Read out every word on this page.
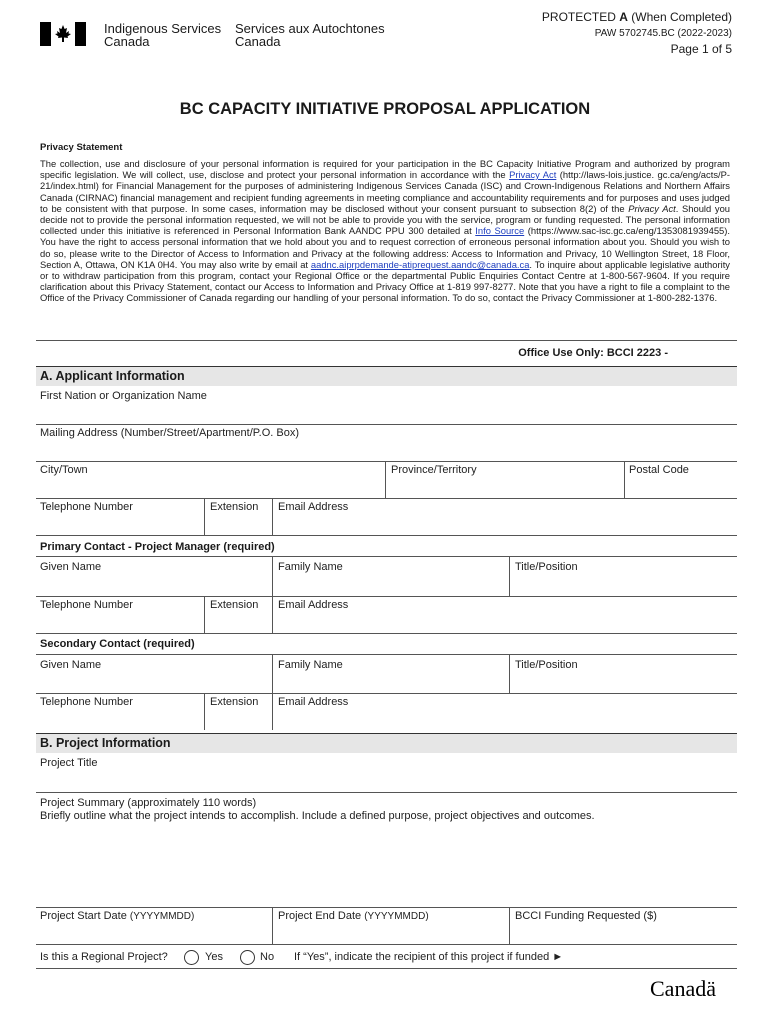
Indigenous Services
Canada
Services aux Autochtones
Canada
PROTECTED A (When Completed)
PAW 5702745.BC (2022-2023)
Page 1 of 5
BC CAPACITY INITIATIVE PROPOSAL APPLICATION
Privacy Statement
The collection, use and disclosure of your personal information is required for your participation in the BC Capacity Initiative Program and authorized by program specific legislation. We will collect, use, disclose and protect your personal information in accordance with the Privacy Act (http://laws-lois.justice. gc.ca/eng/acts/P-21/index.html) for Financial Management for the purposes of administering Indigenous Services Canada (ISC) and Crown-Indigenous Relations and Northern Affairs Canada (CIRNAC) financial management and recipient funding agreements in meeting compliance and accountability requirements and for purposes and uses judged to be consistent with that purpose. In some cases, information may be disclosed without your consent pursuant to subsection 8(2) of the Privacy Act. Should you decide not to provide the personal information requested, we will not be able to provide you with the service, program or funding requested. The personal information collected under this initiative is referenced in Personal Information Bank AANDC PPU 300 detailed at Info Source (https://www.sac-isc.gc.ca/eng/1353081939455). You have the right to access personal information that we hold about you and to request correction of erroneous personal information about you. Should you wish to do so, please write to the Director of Access to Information and Privacy at the following address: Access to Information and Privacy, 10 Wellington Street, 18 Floor, Section A, Ottawa, ON K1A 0H4. You may also write by email at aadnc.aiprpdemande-atiprequest.aandc@canada.ca. To inquire about applicable legislative authority or to withdraw participation from this program, contact your Regional Office or the departmental Public Enquiries Contact Centre at 1-800-567-9604. If you require clarification about this Privacy Statement, contact our Access to Information and Privacy Office at 1-819 997-8277. Note that you have a right to file a complaint to the Office of the Privacy Commissioner of Canada regarding our handling of your personal information. To do so, contact the Privacy Commissioner at 1-800-282-1376.
Office Use Only: BCCI 2223 -
A. Applicant Information
First Nation or Organization Name
Mailing Address (Number/Street/Apartment/P.O. Box)
City/Town	Province/Territory	Postal Code
Telephone Number	Extension Email Address
Primary Contact - Project Manager (required)
Given Name	Family Name	Title/Position
Telephone Number	Extension Email Address
Secondary Contact (required)
Given Name	Family Name	Title/Position
Telephone Number	Extension Email Address
B. Project Information
Project Title
Project Summary (approximately 110 words)
Briefly outline what the project intends to accomplish. Include a defined purpose, project objectives and outcomes.
Project Start Date (YYYYMMDD)	Project End Date (YYYYMMDD)	BCCI Funding Requested ($)
Is this a Regional Project?	Yes	No If “Yes”, indicate the recipient of this project if funded ►
Canadä
